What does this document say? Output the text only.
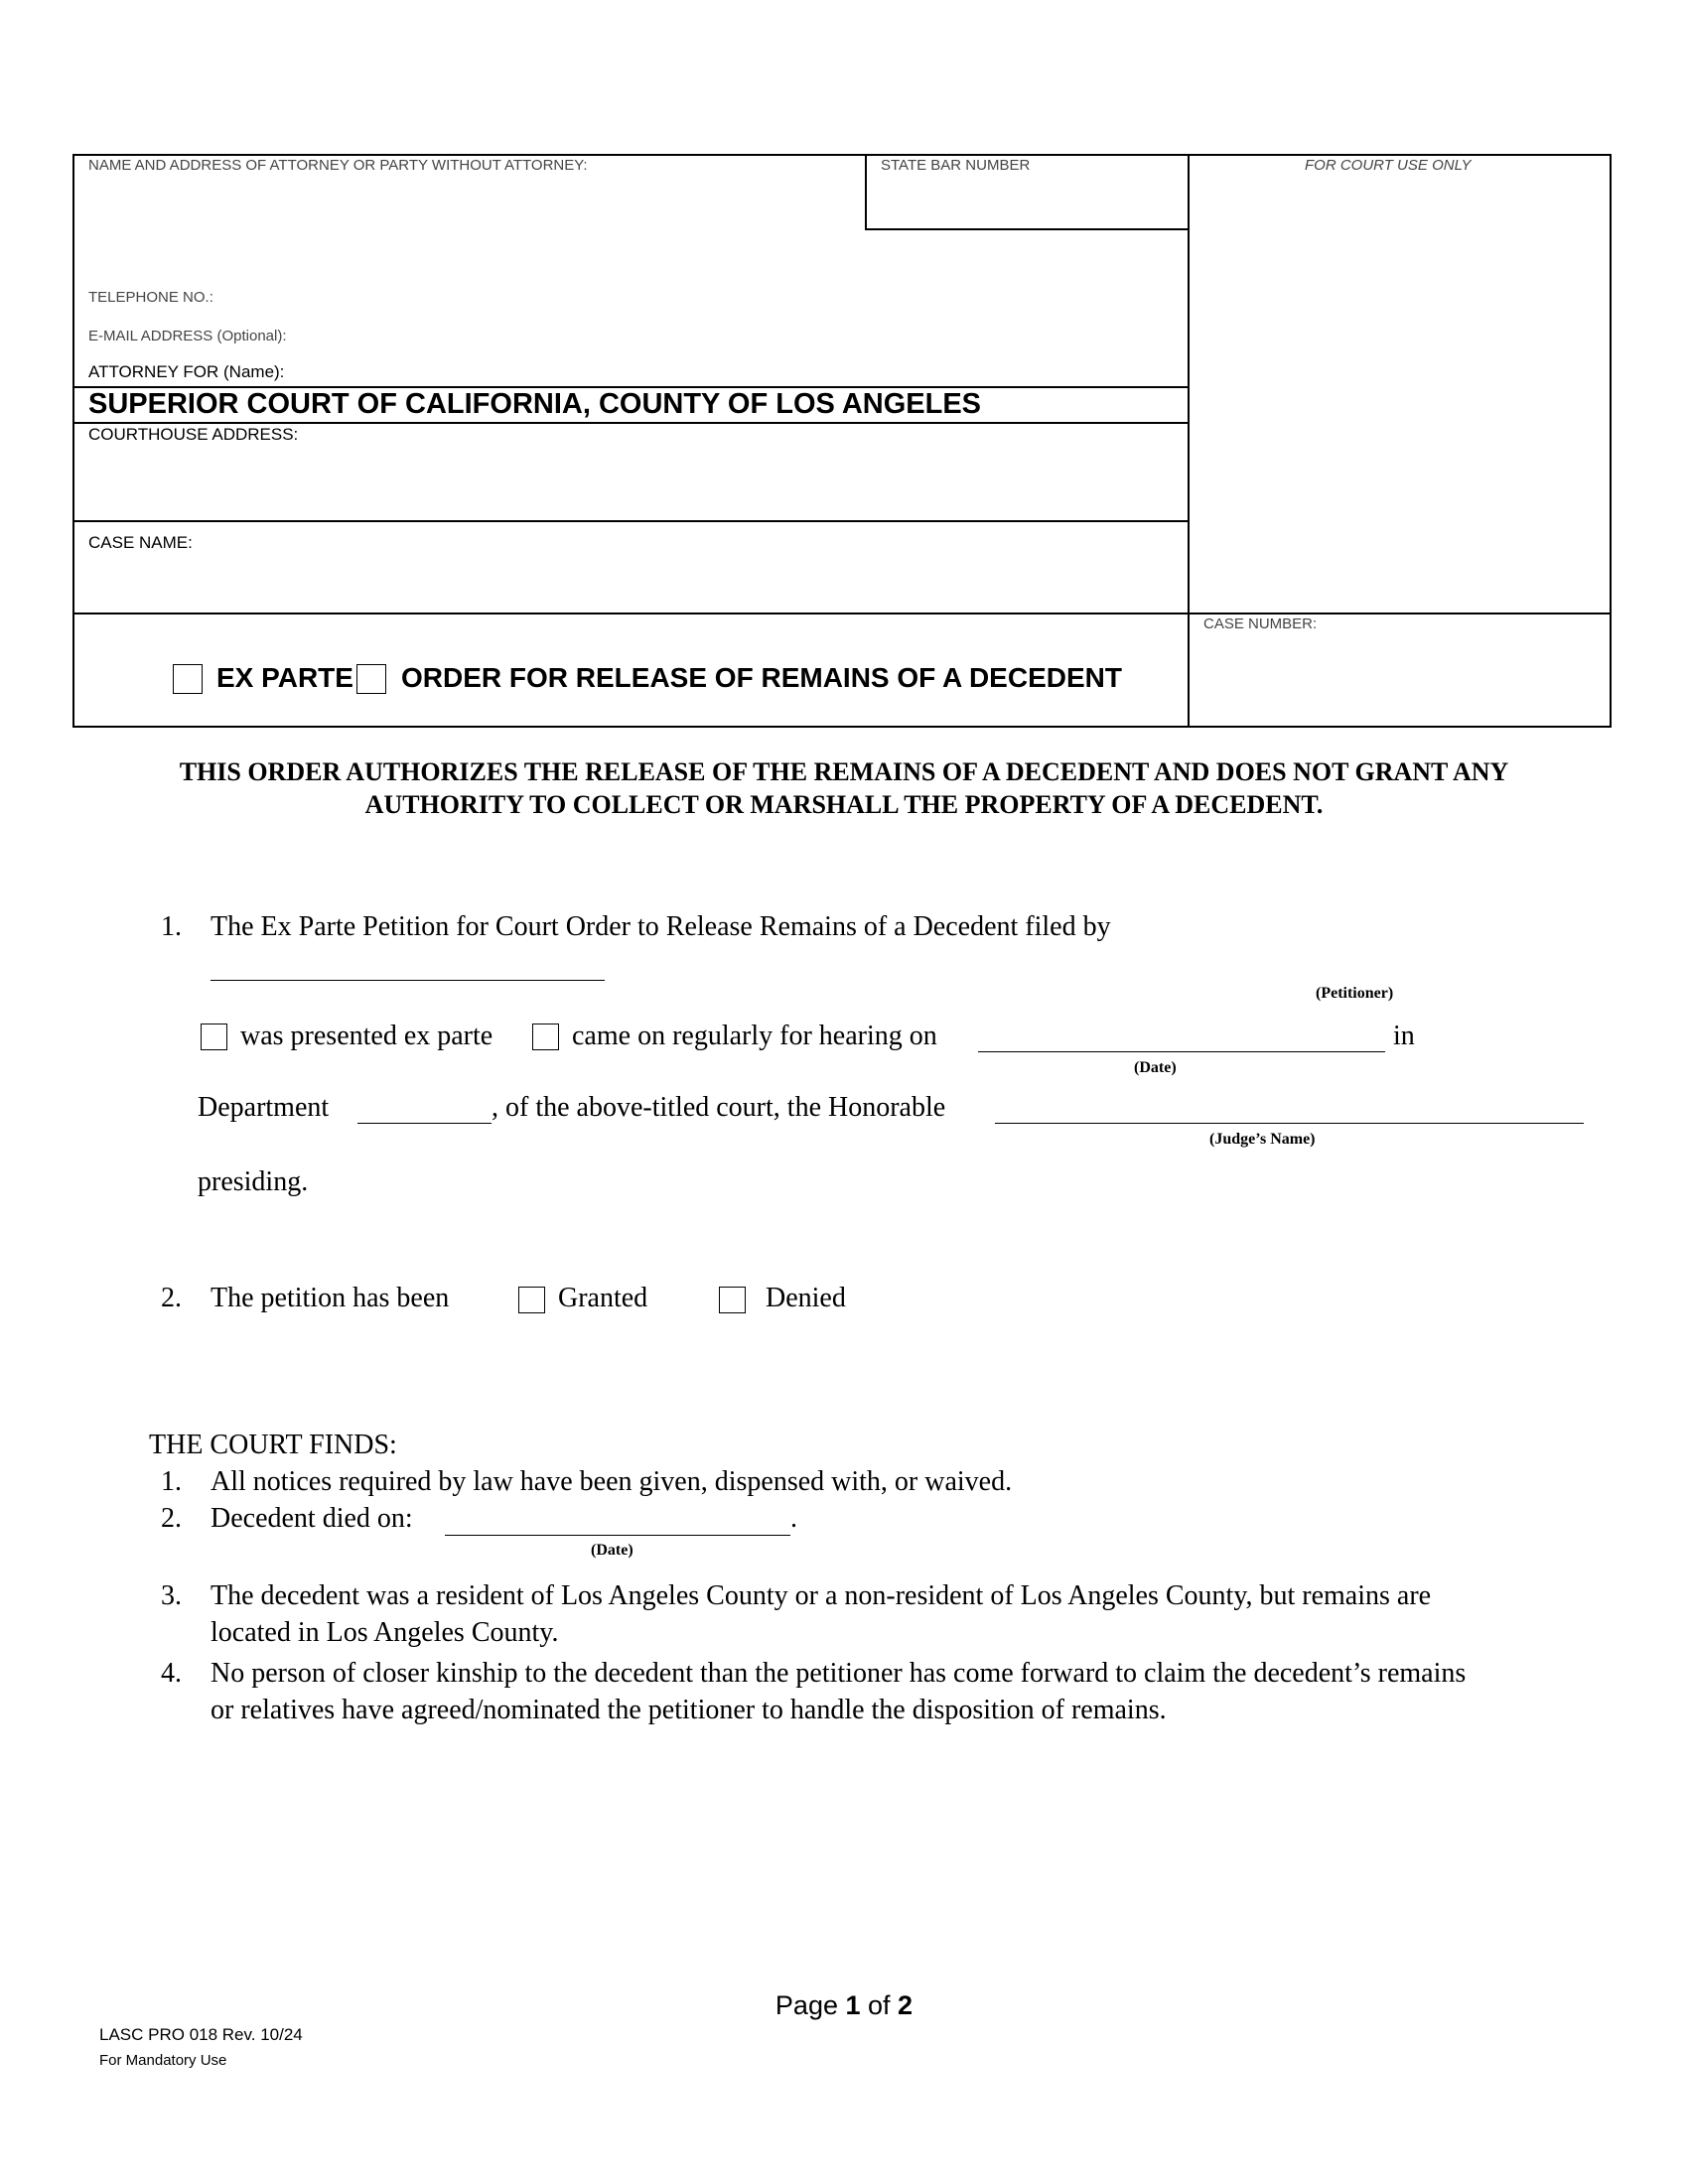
NAME AND ADDRESS OF ATTORNEY OR PARTY WITHOUT ATTORNEY:	STATE BAR NUMBER	FOR COURT USE ONLY
TELEPHONE NO.:
E-MAIL ADDRESS (Optional):
ATTORNEY FOR (Name):
SUPERIOR COURT OF CALIFORNIA, COUNTY OF LOS ANGELES
COURTHOUSE ADDRESS:
CASE NAME:
CASE NUMBER:
EX PARTE ORDER FOR RELEASE OF REMAINS OF A DECEDENT
THIS ORDER AUTHORIZES THE RELEASE OF THE REMAINS OF A DECEDENT AND DOES NOT GRANT ANY
AUTHORITY TO COLLECT OR MARSHALL THE PROPERTY OF A DECEDENT.
1. The Ex Parte Petition for Court Order to Release Remains of a Decedent filed by
(Petitioner)
was presented ex parte	came on regularly for hearing on	in
(Date)
Department	, of the above-titled court, the Honorable
(Judge’s Name)
presiding.
2. The petition has been	Granted	Denied
THE COURT FINDS:
1. All notices required by law have been given, dispensed with, or waived.
2. Decedent died on:	.
(Date)
3. The decedent was a resident of Los Angeles County or a non-resident of Los Angeles County, but remains are
located in Los Angeles County.
4. No person of closer kinship to the decedent than the petitioner has come forward to claim the decedent’s remains
or relatives have agreed/nominated the petitioner to handle the disposition of remains.
Page 1 of 2
LASC PRO 018 Rev. 10/24
For Mandatory Use
